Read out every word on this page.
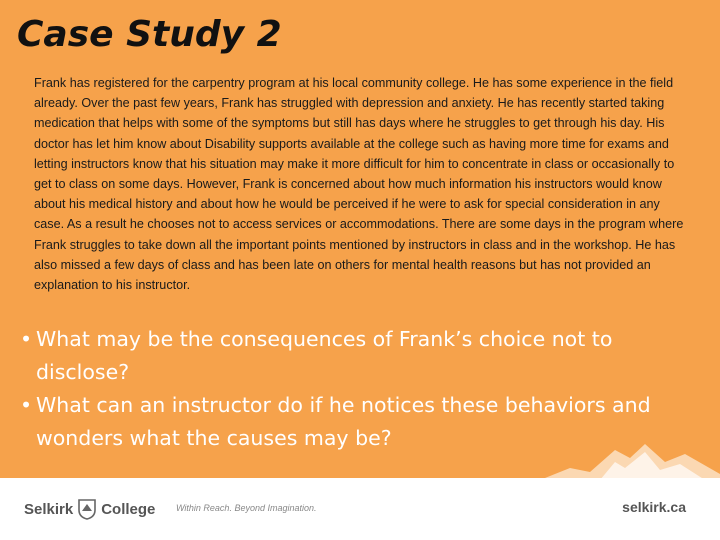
Case Study 2
Frank has registered for the carpentry program at his local community college. He has some experience in the field already. Over the past few years, Frank has struggled with depression and anxiety. He has recently started taking medication that helps with some of the symptoms but still has days where he struggles to get through his day. His doctor has let him know about Disability supports available at the college such as having more time for exams and letting instructors know that his situation may make it more difficult for him to concentrate in class or occasionally to get to class on some days. However, Frank is concerned about how much information his instructors would know about his medical history and about how he would be perceived if he were to ask for special consideration in any case. As a result he chooses not to access services or accommodations. There are some days in the program where Frank struggles to take down all the important points mentioned by instructors in class and in the workshop. He has also missed a few days of class and has been late on others for mental health reasons but has not provided an explanation to his instructor.
• What may be the consequences of Frank’s choice not to disclose?
• What can an instructor do if he notices these behaviors and wonders what the causes may be?
Selkirk College Within Reach. Beyond Imagination.	selkirk.ca
